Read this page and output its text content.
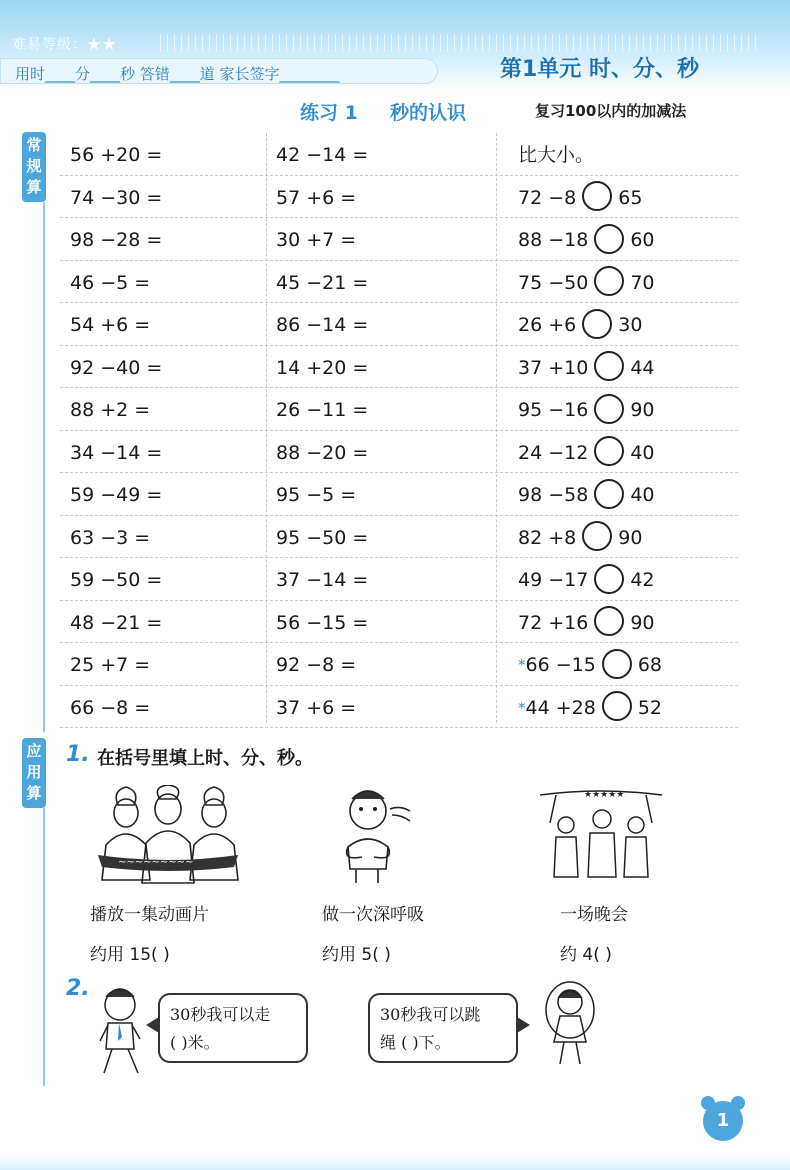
难易等级：★★
用时____分____秒 答错____道 家长签字________	第1单元 时、分、秒
练习 1 秒的认识	复习100以内的加减法
常
规
算
应
用
算
56 +20 =	42 −14 =	比大小。
74 −30 =	57 +6 =	72 −8 65
98 −28 =	30 +7 =	88 −18 60
46 −5 =	45 −21 =	75 −50 70
54 +6 =	86 −14 =	26 +6 30
92 −40 =	14 +20 =	37 +10 44
88 +2 =	26 −11 =	95 −16 90
34 −14 =	88 −20 =	24 −12 40
59 −49 =	95 −5 =	98 −58 40
63 −3 =	95 −50 =	82 +8 90
59 −50 =	37 −14 =	49 −17 42
48 −21 =	56 −15 =	72 +16 90
25 +7 =	92 −8 =	*66 −15 68
66 −8 =	37 +6 =	*44 +28 52
1. 在括号里填上时、分、秒。
~~~~~~~~~
★★★★★
播放一集动画片	做一次深呼吸	一场晚会
约用 15( )	约用 5( )	约 4( )
2.
30秒我可以走
( )米。
30秒我可以跳
绳 ( )下。
1
